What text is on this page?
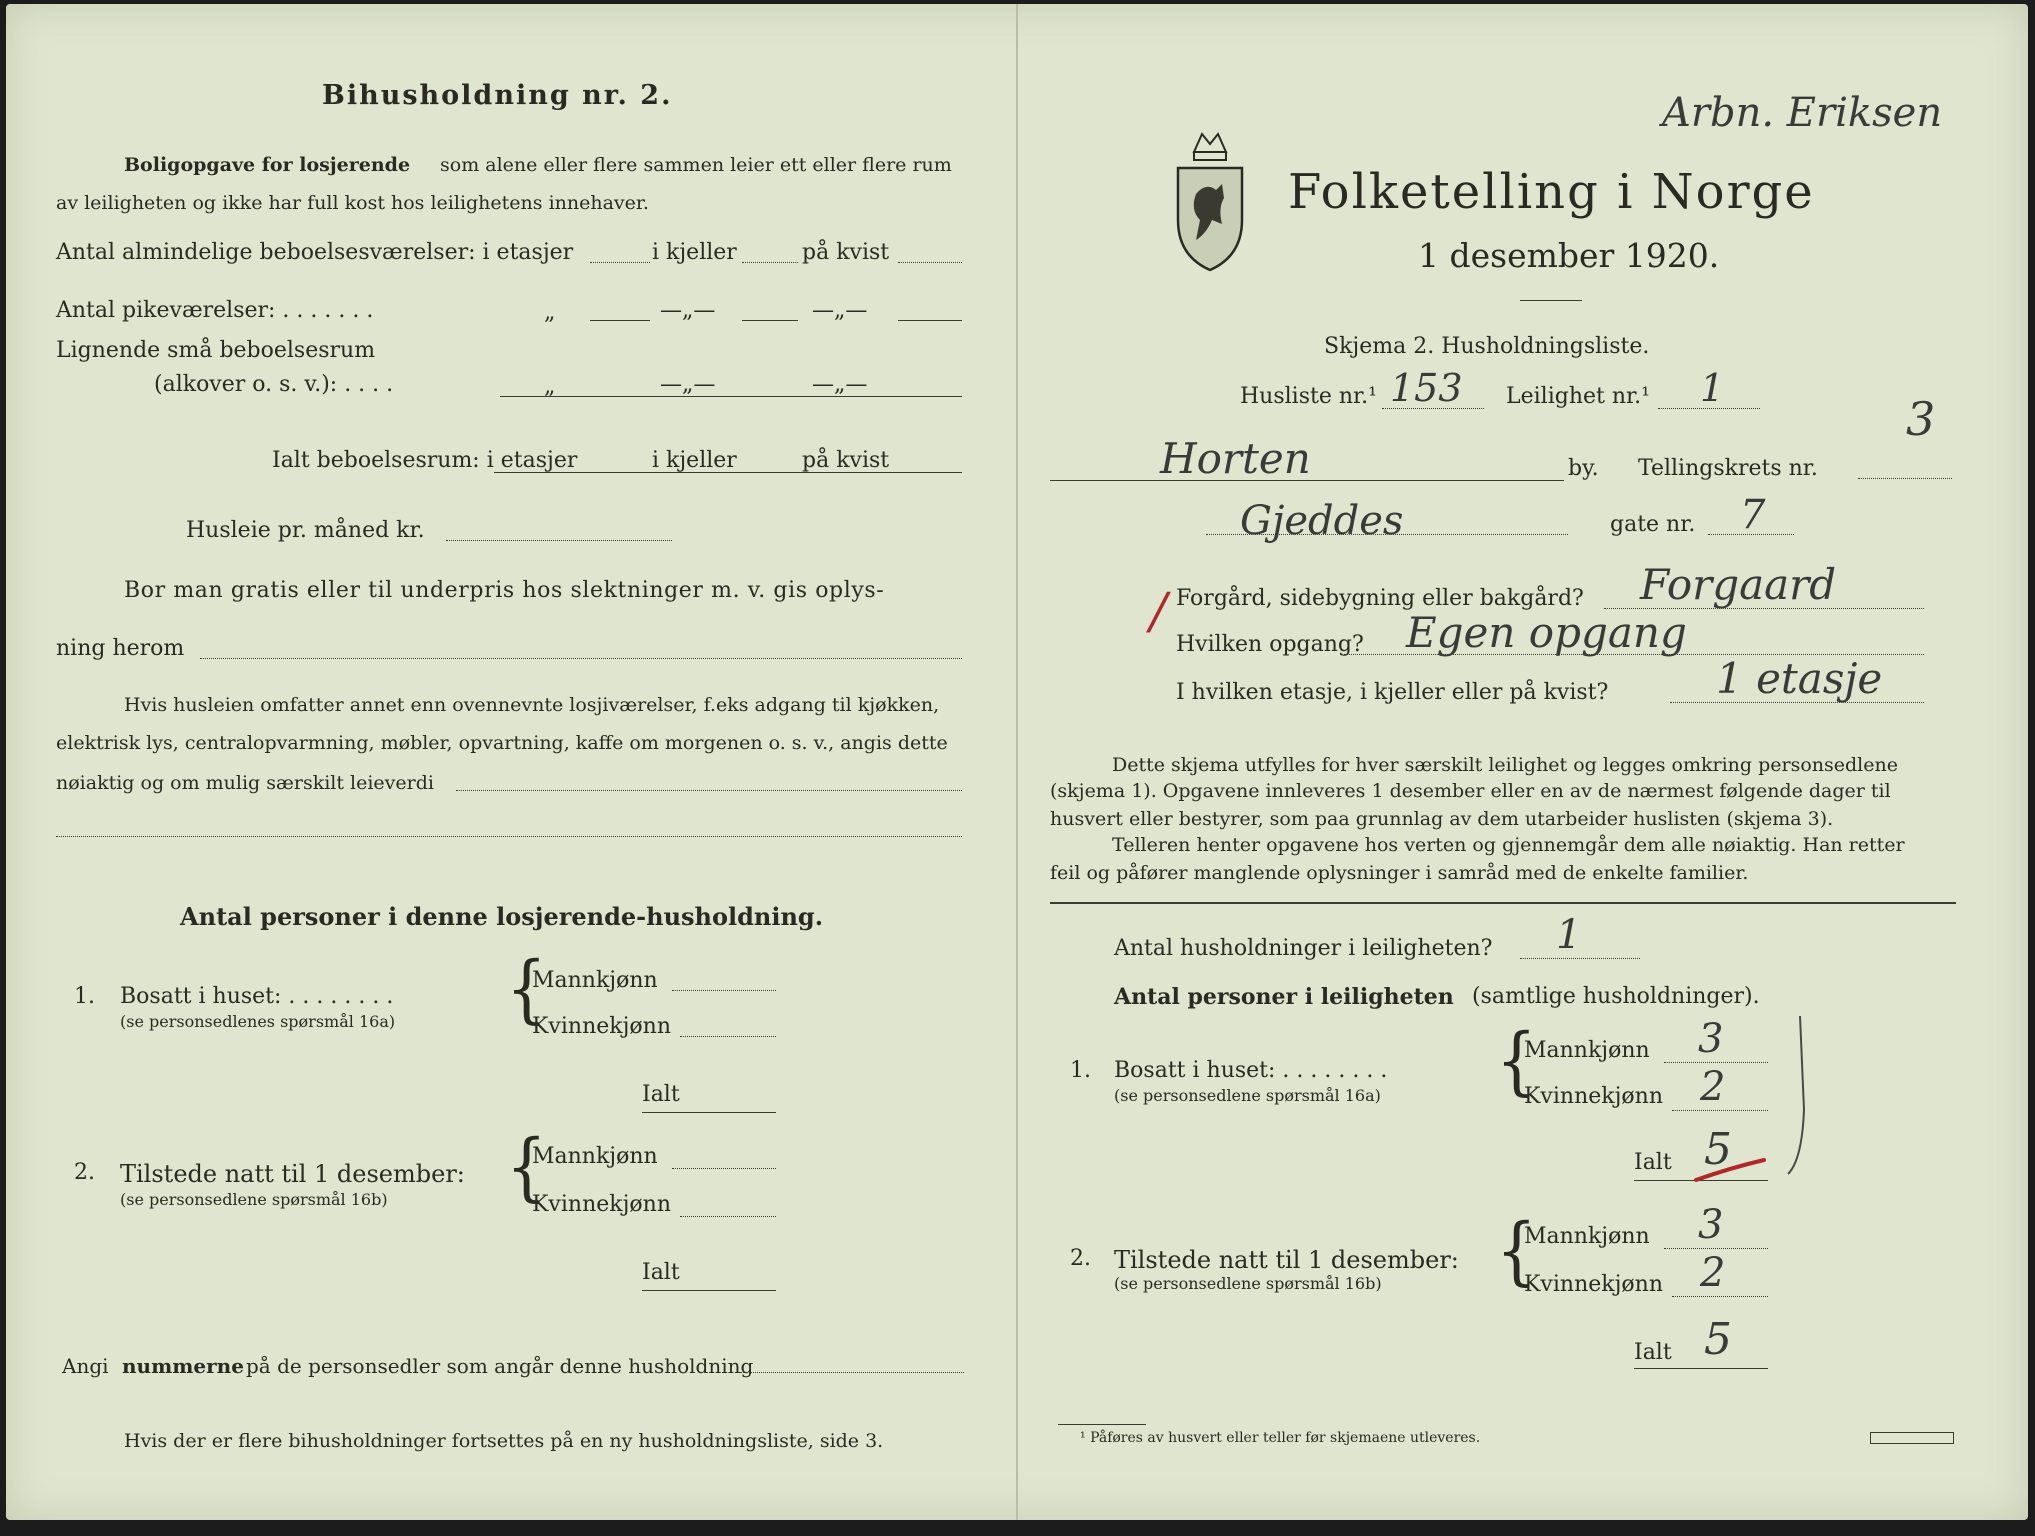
Bihusholdning nr. 2.
Boligopgave for losjerende som alene eller flere sammen leier ett eller flere rum
av leiligheten og ikke har full kost hos leilighetens innehaver.
Antal almindelige beboelsesværelser: i etasjer	i kjeller	på kvist
Antal pikeværelser: . . . . . . .	„	—„—	—„—
Lignende små beboelsesrum
(alkover o. s. v.): . . . .	„	—„—	—„—
Ialt beboelsesrum: i etasjer	i kjeller	på kvist
Husleie pr. måned kr.
Bor man gratis eller til underpris hos slektninger m. v. gis oplys-
ning herom
Hvis husleien omfatter annet enn ovennevnte losjiværelser, f.eks adgang til kjøkken,
elektrisk lys, centralopvarmning, møbler, opvartning, kaffe om morgenen o. s. v., angis dette
nøiaktig og om mulig særskilt leieverdi
Antal personer i denne losjerende-husholdning.
1. Bosatt i huset: . . . . . . . .
(se personsedlenes spørsmål 16a) {
Mannkjønn
Kvinnekjønn
Ialt
2. Tilstede natt til 1 desember:
(se personsedlene spørsmål 16b) {
Mannkjønn
Kvinnekjønn
Ialt
Angi nummerne på de personsedler som angår denne husholdning
Hvis der er flere bihusholdninger fortsettes på en ny husholdningsliste, side 3.
Arbn. Eriksen
Folketelling i Norge
1 desember 1920.
Skjema 2. Husholdningsliste.
Husliste nr.¹ 153 Leilighet nr.¹ 1
Horten	by. Tellingskrets nr.
3
Gjeddes	gate nr. 7
/ Forgård, sidebygning eller bakgård? Forgaard
Hvilken opgang? Egen opgang
I hvilken etasje, i kjeller eller på kvist?	1 etasje
Dette skjema utfylles for hver særskilt leilighet og legges omkring personsedlene
(skjema 1). Opgavene innleveres 1 desember eller en av de nærmest følgende dager til
husvert eller bestyrer, som paa grunnlag av dem utarbeider huslisten (skjema 3).
Telleren henter opgavene hos verten og gjennemgår dem alle nøiaktig. Han retter
feil og påfører manglende oplysninger i samråd med de enkelte familier.
Antal husholdninger i leiligheten? 1
Antal personer i leiligheten (samtlige husholdninger).
1. Bosatt i huset: . . . . . . . .
(se personsedlene spørsmål 16a) {
Mannkjønn 3
Kvinnekjønn 2
Ialt 5
2. Tilstede natt til 1 desember:
(se personsedlene spørsmål 16b) {
Mannkjønn 3
Kvinnekjønn 2
Ialt 5
¹ Påføres av husvert eller teller før skjemaene utleveres.
